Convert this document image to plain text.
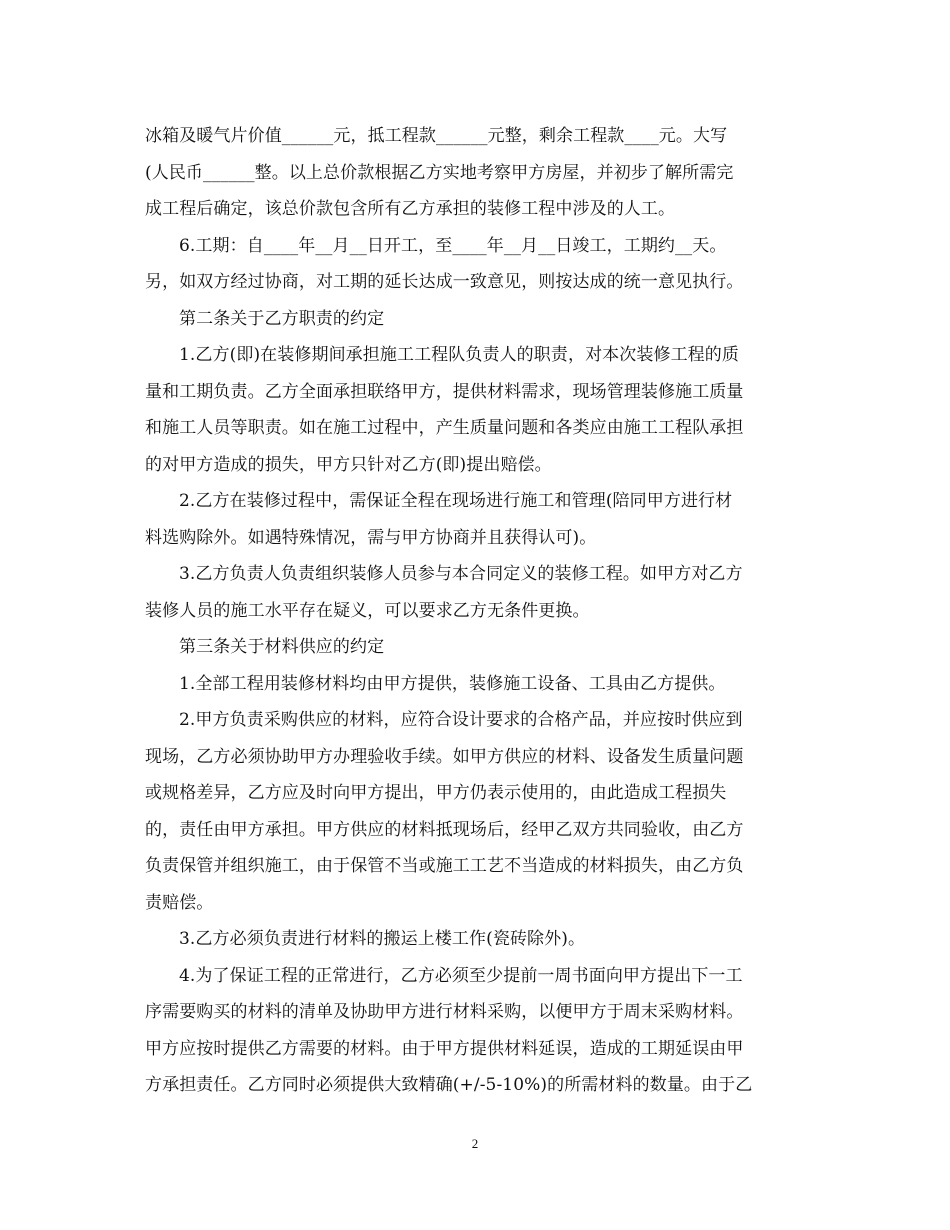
冰箱及暖气片价值______元，抵工程款______元整，剩余工程款____元。大写
(人民币______整。以上总价款根据乙方实地考察甲方房屋，并初步了解所需完
成工程后确定，该总价款包含所有乙方承担的装修工程中涉及的人工。
6.工期：自____年__月__日开工，至____年__月__日竣工，工期约__天。
另，如双方经过协商，对工期的延长达成一致意见，则按达成的统一意见执行。
第二条关于乙方职责的约定
1.乙方(即)在装修期间承担施工工程队负责人的职责，对本次装修工程的质
量和工期负责。乙方全面承担联络甲方，提供材料需求，现场管理装修施工质量
和施工人员等职责。如在施工过程中，产生质量问题和各类应由施工工程队承担
的对甲方造成的损失，甲方只针对乙方(即)提出赔偿。
2.乙方在装修过程中，需保证全程在现场进行施工和管理(陪同甲方进行材
料选购除外。如遇特殊情况，需与甲方协商并且获得认可)。
3.乙方负责人负责组织装修人员参与本合同定义的装修工程。如甲方对乙方
装修人员的施工水平存在疑义，可以要求乙方无条件更换。
第三条关于材料供应的约定
1.全部工程用装修材料均由甲方提供，装修施工设备、工具由乙方提供。
2.甲方负责采购供应的材料，应符合设计要求的合格产品，并应按时供应到
现场，乙方必须协助甲方办理验收手续。如甲方供应的材料、设备发生质量问题
或规格差异，乙方应及时向甲方提出，甲方仍表示使用的，由此造成工程损失
的，责任由甲方承担。甲方供应的材料抵现场后，经甲乙双方共同验收，由乙方
负责保管并组织施工，由于保管不当或施工工艺不当造成的材料损失，由乙方负
责赔偿。
3.乙方必须负责进行材料的搬运上楼工作(瓷砖除外)。
4.为了保证工程的正常进行，乙方必须至少提前一周书面向甲方提出下一工
序需要购买的材料的清单及协助甲方进行材料采购，以便甲方于周末采购材料。
甲方应按时提供乙方需要的材料。由于甲方提供材料延误，造成的工期延误由甲
方承担责任。乙方同时必须提供大致精确(+/-5-10%)的所需材料的数量。由于乙
2
